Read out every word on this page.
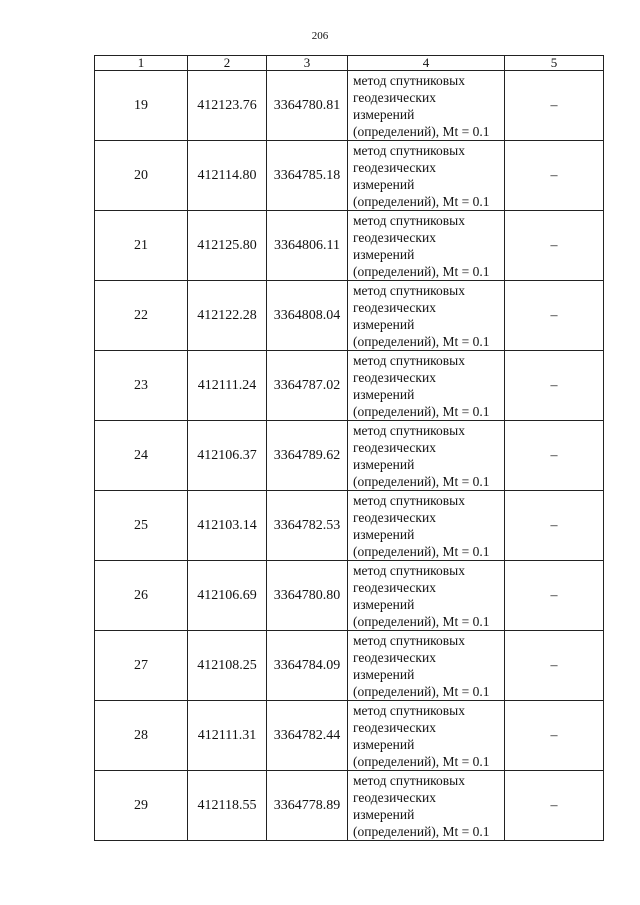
206
1	2	3	4	5
19	412123.76	3364780.81	метод спутниковых
геодезических
измерений
(определений), Mt = 0.1	–
20	412114.80	3364785.18	метод спутниковых
геодезических
измерений
(определений), Mt = 0.1	–
21	412125.80	3364806.11	метод спутниковых
геодезических
измерений
(определений), Mt = 0.1	–
22	412122.28	3364808.04	метод спутниковых
геодезических
измерений
(определений), Mt = 0.1	–
23	412111.24	3364787.02	метод спутниковых
геодезических
измерений
(определений), Mt = 0.1	–
24	412106.37	3364789.62	метод спутниковых
геодезических
измерений
(определений), Mt = 0.1	–
25	412103.14	3364782.53	метод спутниковых
геодезических
измерений
(определений), Mt = 0.1	–
26	412106.69	3364780.80	метод спутниковых
геодезических
измерений
(определений), Mt = 0.1	–
27	412108.25	3364784.09	метод спутниковых
геодезических
измерений
(определений), Mt = 0.1	–
28	412111.31	3364782.44	метод спутниковых
геодезических
измерений
(определений), Mt = 0.1	–
29	412118.55	3364778.89	метод спутниковых
геодезических
измерений
(определений), Mt = 0.1	–
